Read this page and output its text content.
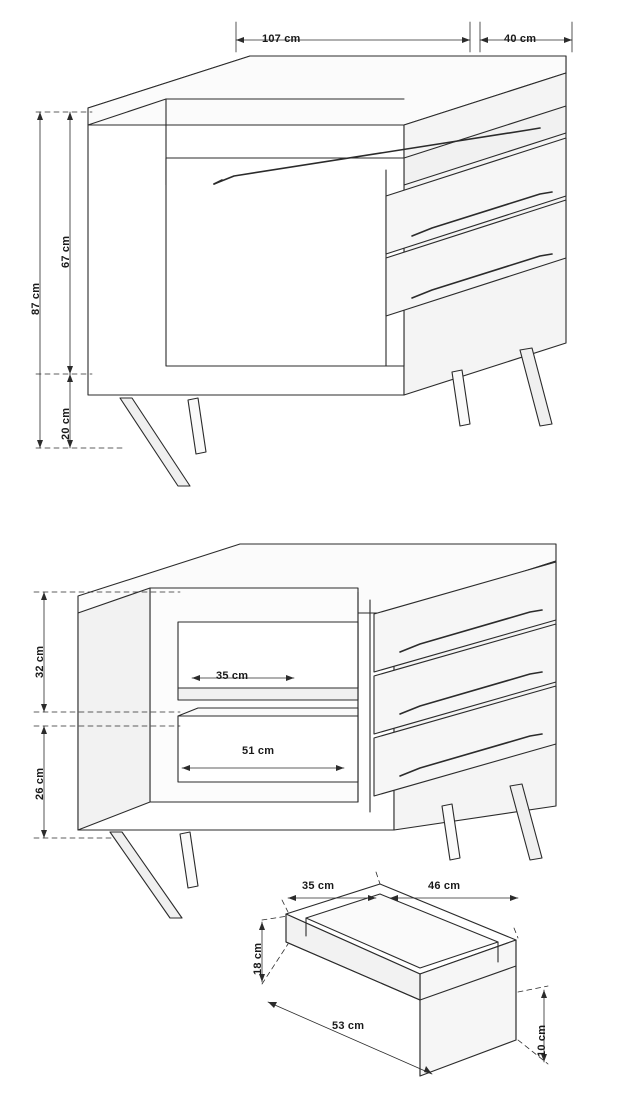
107 cm	40 cm
87 cm
67 cm
20 cm
32 cm
26 cm
35 cm
51 cm
35 cm	46 cm
18 cm
53 cm	10 cm
